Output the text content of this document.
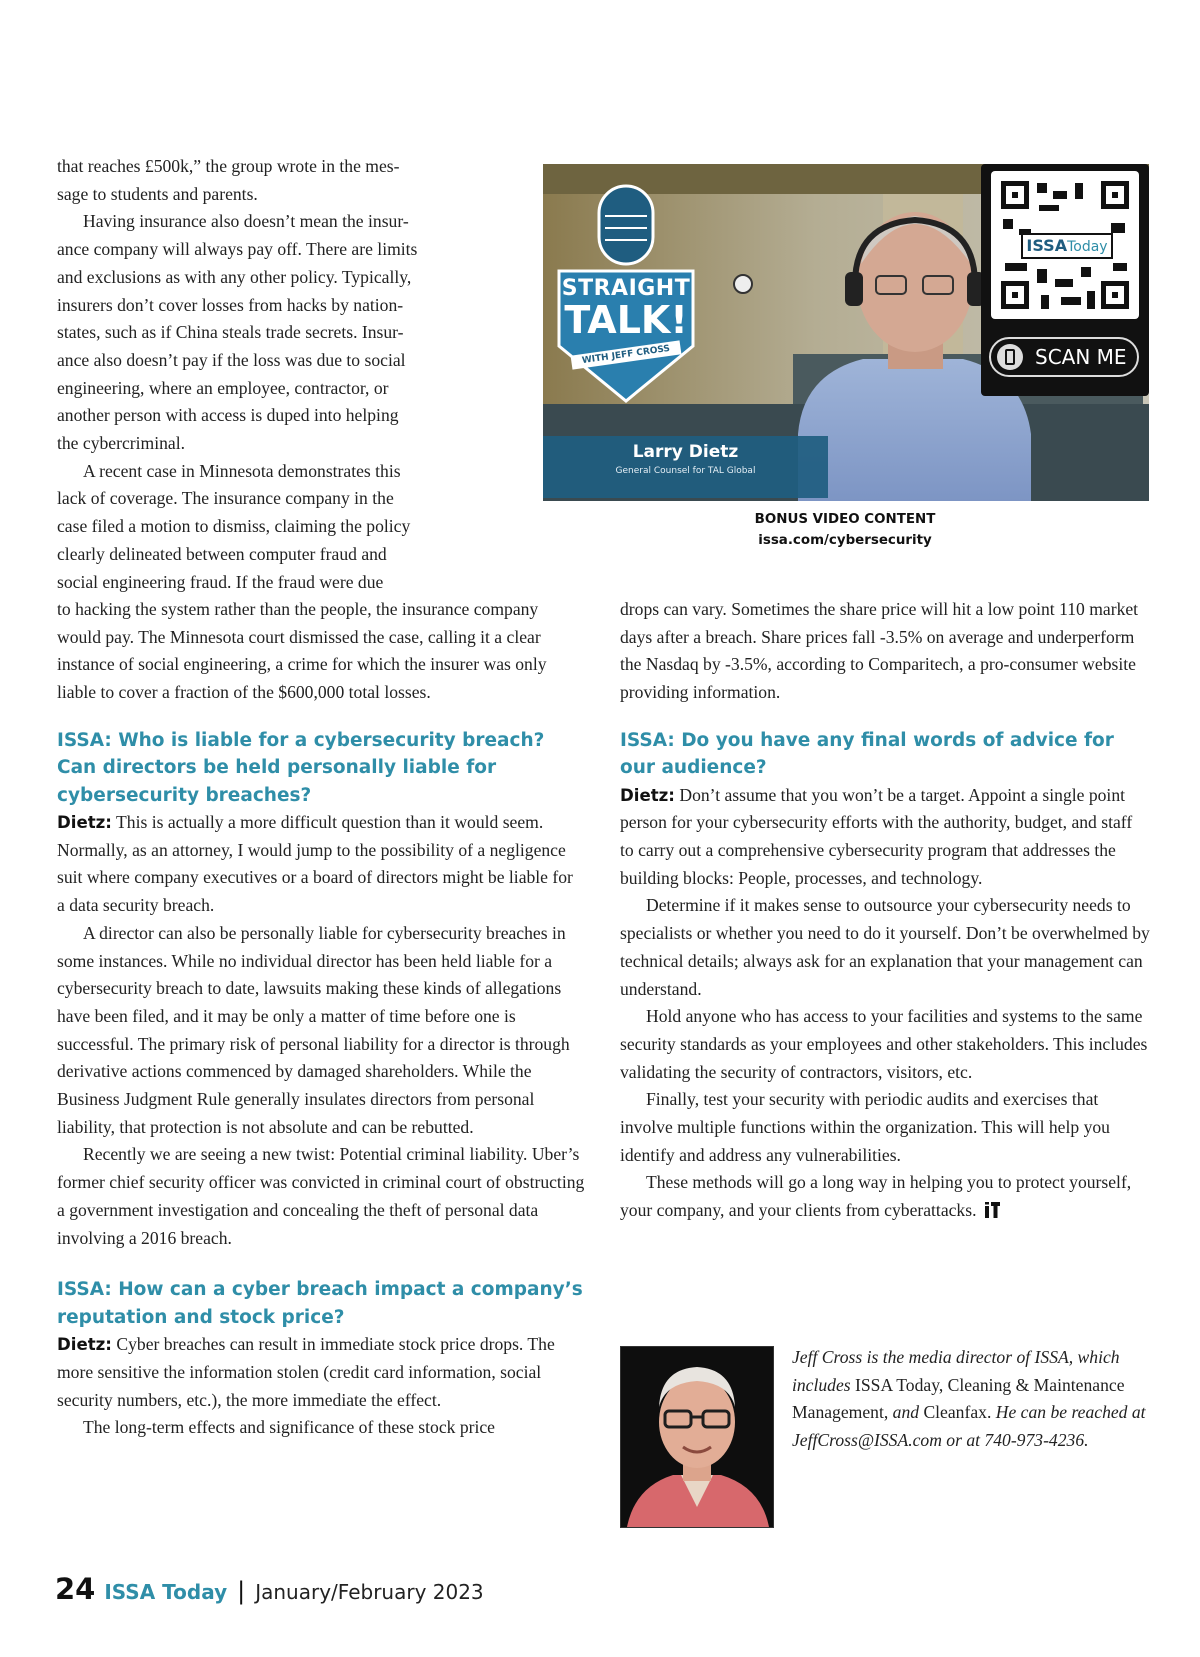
that reaches £500k,” the group wrote in the mes-
sage to students and parents.
Having insurance also doesn’t mean the insur-
ance company will always pay off. There are limits
and exclusions as with any other policy. Typically,
insurers don’t cover losses from hacks by nation-
states, such as if China steals trade secrets. Insur-
ance also doesn’t pay if the loss was due to social
engineering, where an employee, contractor, or
another person with access is duped into helping
the cybercriminal.
A recent case in Minnesota demonstrates this
lack of coverage. The insurance company in the
case filed a motion to dismiss, claiming the policy
clearly delineated between computer fraud and
social engineering fraud. If the fraud were due

to hacking the system rather than the people, the insurance company would pay. The Minnesota court dismissed the case, calling it a clear instance of social engineering, a crime for which the insurer was only liable to cover a fraction of the $600,000 total losses.

ISSA: Who is liable for a cybersecurity breach? Can directors be held personally liable for cybersecurity breaches?

Dietz: This is actually a more difficult question than it would seem. Normally, as an attorney, I would jump to the possibility of a negligence suit where company executives or a board of directors might be liable for a data security breach.

A director can also be personally liable for cybersecurity breaches in some instances. While no individual director has been held liable for a cybersecurity breach to date, lawsuits making these kinds of allegations have been filed, and it may be only a matter of time before one is successful. The primary risk of personal liability for a director is through derivative actions commenced by damaged shareholders. While the Business Judgment Rule generally insulates directors from personal liability, that protection is not absolute and can be rebutted.

Recently we are seeing a new twist: Potential criminal liability. Uber’s former chief security officer was convicted in criminal court of obstructing a government investigation and concealing the theft of personal data involving a 2016 breach.

ISSA: How can a cyber breach impact a company’s reputation and stock price?

Dietz: Cyber breaches can result in immediate stock price drops. The more sensitive the information stolen (credit card information, social security numbers, etc.), the more immediate the effect.

The long-term effects and significance of these stock price

drops can vary. Sometimes the share price will hit a low point 110 market days after a breach. Share prices fall -3.5% on average and underperform the Nasdaq by -3.5%, according to Comparitech, a pro-consumer website providing information.

ISSA: Do you have any final words of advice for our audience?

Dietz: Don’t assume that you won’t be a target. Appoint a single point person for your cybersecurity efforts with the authority, budget, and staff to carry out a comprehensive cybersecurity program that addresses the building blocks: People, processes, and technology.

Determine if it makes sense to outsource your cybersecurity needs to specialists or whether you need to do it yourself. Don’t be overwhelmed by technical details; always ask for an explanation that your management can understand.

Hold anyone who has access to your facilities and systems to the same security standards as your employees and other stakeholders. This includes validating the security of contractors, visitors, etc.

Finally, test your security with periodic audits and exercises that involve multiple functions within the organization. This will help you identify and address any vulnerabilities.

These methods will go a long way in helping you to protect yourself, your company, and your clients from cyberattacks.

STRAIGHT
TALK!
WITH JEFF CROSS
ISSAToday
SCAN ME
Larry Dietz
General Counsel for TAL Global
BONUS VIDEO CONTENT
issa.com/cybersecurity
Jeff Cross is the media director of ISSA, which includes ISSA Today, Cleaning & Maintenance Management, and Cleanfax. He can be reached at JeffCross@ISSA.com or at 740-973-4236.
24 ISSA Today | January/February 2023
